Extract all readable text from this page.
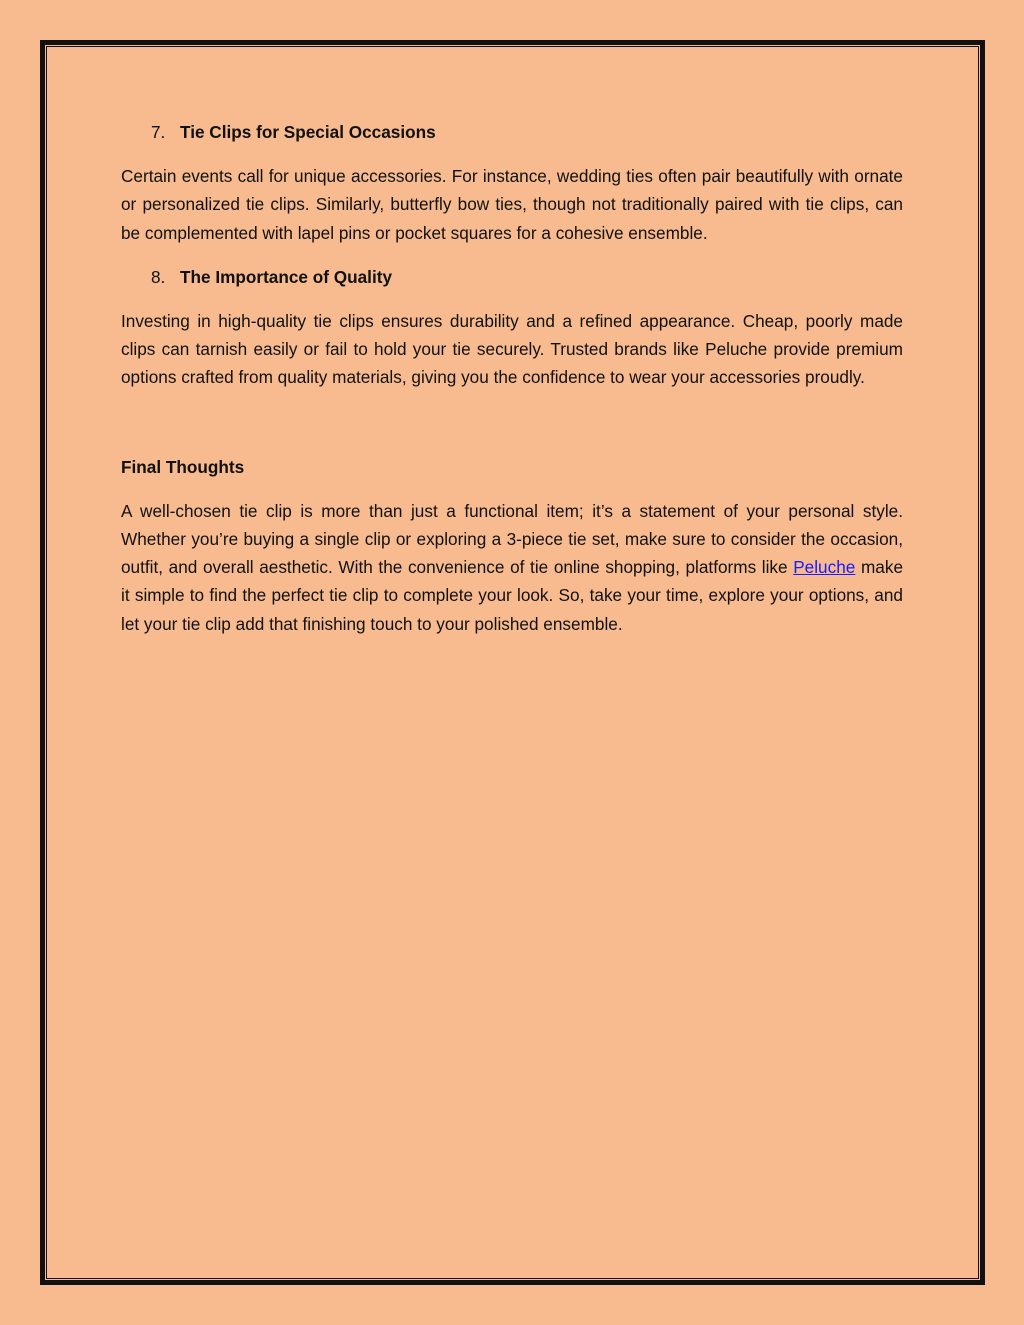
7. Tie Clips for Special Occasions

Certain events call for unique accessories. For instance, wedding ties often pair beautifully with ornate or personalized tie clips. Similarly, butterfly bow ties, though not traditionally paired with tie clips, can be complemented with lapel pins or pocket squares for a cohesive ensemble.

8. The Importance of Quality

Investing in high-quality tie clips ensures durability and a refined appearance. Cheap, poorly made clips can tarnish easily or fail to hold your tie securely. Trusted brands like Peluche provide premium options crafted from quality materials, giving you the confidence to wear your accessories proudly.

Final Thoughts

A well-chosen tie clip is more than just a functional item; it’s a statement of your personal style. Whether you’re buying a single clip or exploring a 3-piece tie set, make sure to consider the occasion, outfit, and overall aesthetic. With the convenience of tie online shopping, platforms like Peluche make it simple to find the perfect tie clip to complete your look. So, take your time, explore your options, and let your tie clip add that finishing touch to your polished ensemble.
